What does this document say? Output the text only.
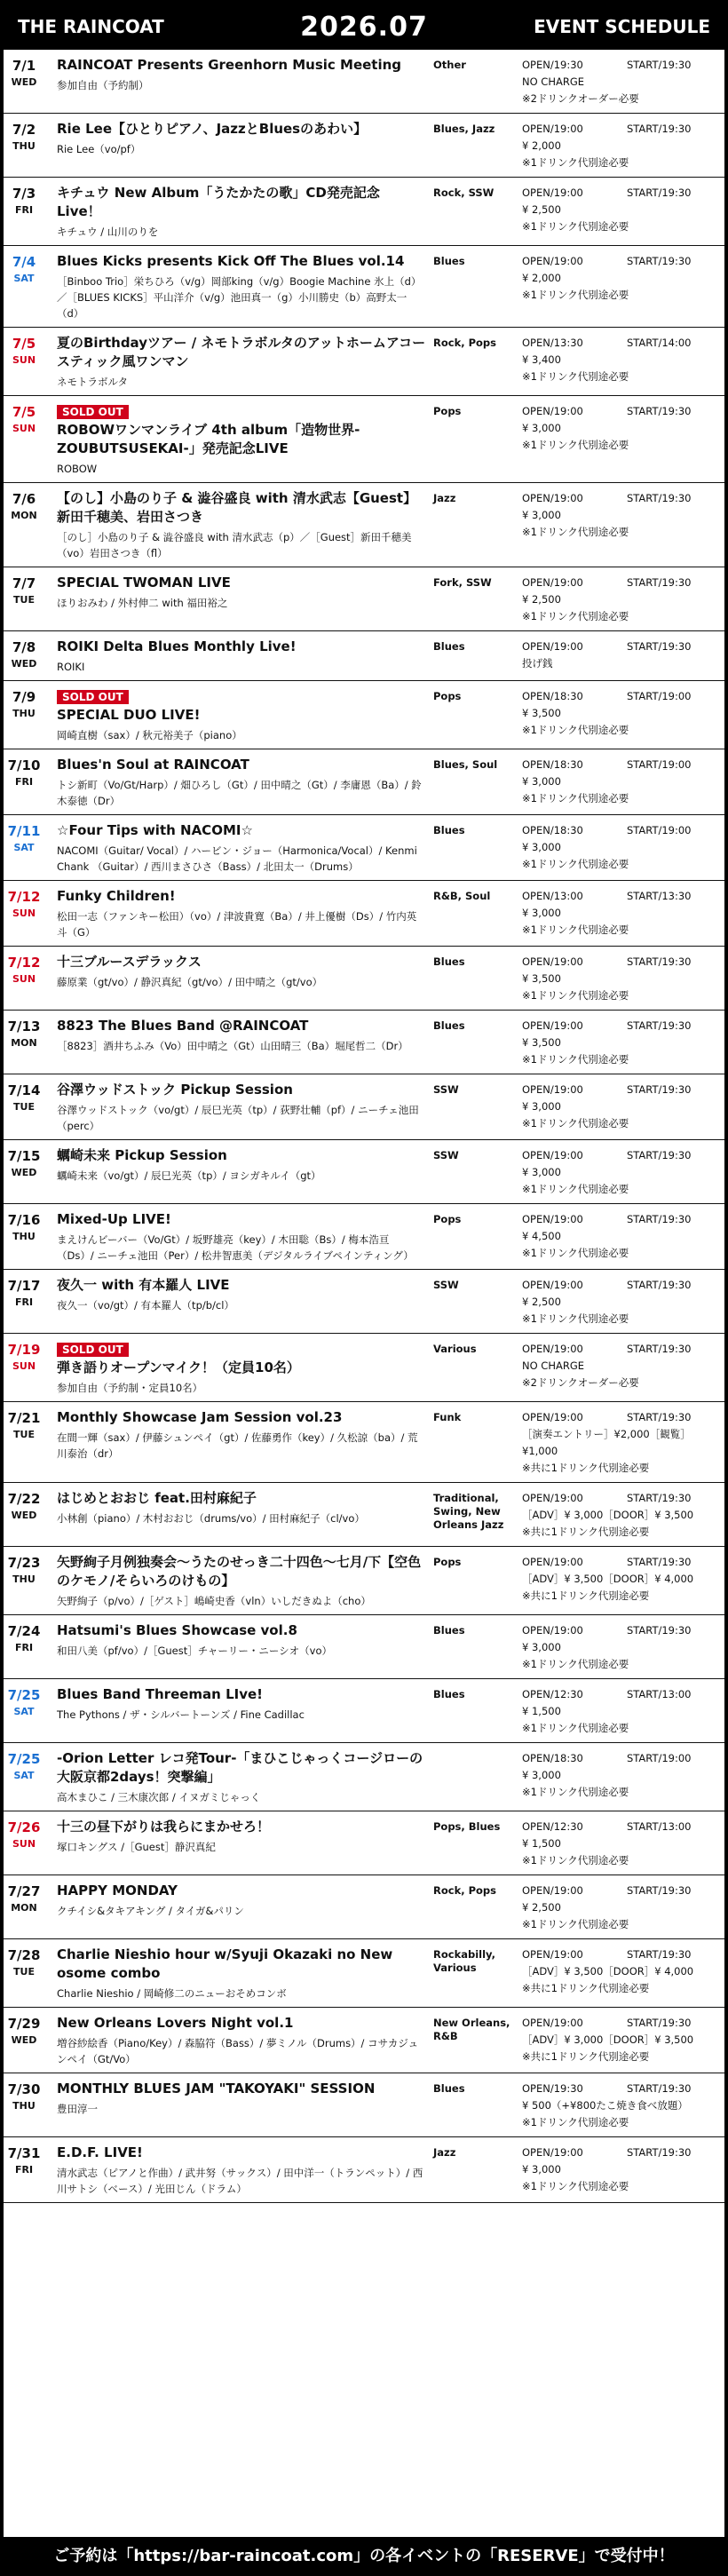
THE RAINCOAT	2026.07	EVENT SCHEDULE
7/1
WED
RAINCOAT Presents Greenhorn Music Meeting
参加自由（予約制）
Other	OPEN/19:30	START/19:30
NO CHARGE
※2ドリンクオーダー必要
7/2
THU
Rie Lee【ひとりピアノ、JazzとBluesのあわい】
Rie Lee（vo/pf）
Blues, Jazz	OPEN/19:00	START/19:30
¥ 2,000
※1ドリンク代別途必要
7/3
FRI
キチュウ New Album「うたかたの歌」CD発売記念 Live！
キチュウ / 山川のりを
Rock, SSW	OPEN/19:00	START/19:30
¥ 2,500
※1ドリンク代別途必要
7/4
SAT
Blues Kicks presents Kick Off The Blues vol.14
［Binboo Trio］栄ちひろ（v/g）岡部king（v/g）Boogie Machine 氷上（d）／［BLUES KICKS］平山洋介（v/g）池田真一（g）小川勝史（b）高野太一（d）
Blues	OPEN/19:00	START/19:30
¥ 2,000
※1ドリンク代別途必要
7/5
SUN
夏のBirthdayツアー / ネモトラボルタのアットホームアコースティック風ワンマン
ネモトラボルタ
Rock, Pops	OPEN/13:30	START/14:00
¥ 3,400
※1ドリンク代別途必要
7/5
SUN
SOLD OUT
ROBOWワンマンライブ 4th album「造物世界-ZOUBUTSUSEKAI-」発売記念LIVE
ROBOW
Pops	OPEN/19:00	START/19:30
¥ 3,000
※1ドリンク代別途必要
7/6
MON
【のし】小島のり子 & 澁谷盛良 with 清水武志【Guest】新田千穂美、岩田さつき
［のし］小島のり子 & 澁谷盛良 with 清水武志（p）／［Guest］新田千穂美（vo）岩田さつき（fl）
Jazz	OPEN/19:00	START/19:30
¥ 3,000
※1ドリンク代別途必要
7/7
TUE
SPECIAL TWOMAN LIVE
ほりおみわ / 外村伸二 with 福田裕之
Fork, SSW	OPEN/19:00	START/19:30
¥ 2,500
※1ドリンク代別途必要
7/8
WED
ROIKI Delta Blues Monthly Live!
ROIKI
Blues	OPEN/19:00	START/19:30
投げ銭
7/9
THU
SOLD OUT
SPECIAL DUO LIVE!
岡崎直樹（sax）/ 秋元裕美子（piano）
Pops	OPEN/18:30	START/19:00
¥ 3,500
※1ドリンク代別途必要
7/10
FRI
Blues'n Soul at RAINCOAT
トシ新町（Vo/Gt/Harp）/ 畑ひろし（Gt）/ 田中晴之（Gt）/ 李庸恩（Ba）/ 鈴木泰徳（Dr）
Blues, Soul	OPEN/18:30	START/19:00
¥ 3,000
※1ドリンク代別途必要
7/11
SAT
☆Four Tips with NACOMI☆
NACOMI（Guitar/ Vocal）/ ハービン・ジョー（Harmonica/Vocal）/ Kenmi Chank （Guitar）/ 西川まさひさ（Bass）/ 北田太一（Drums）
Blues	OPEN/18:30	START/19:00
¥ 3,000
※1ドリンク代別途必要
7/12
SUN
Funky Children!
松田一志（ファンキー松田）（vo）/ 津波貴寛（Ba）/ 井上優樹（Ds）/ 竹内英斗（G）
R&B, Soul	OPEN/13:00	START/13:30
¥ 3,000
※1ドリンク代別途必要
7/12
SUN
十三ブルースデラックス
藤原業（gt/vo）/ 静沢真紀（gt/vo）/ 田中晴之（gt/vo）
Blues	OPEN/19:00	START/19:30
¥ 3,500
※1ドリンク代別途必要
7/13
MON
8823 The Blues Band @RAINCOAT
［8823］酒井ちふみ（Vo）田中晴之（Gt）山田晴三（Ba）堀尾哲二（Dr）
Blues	OPEN/19:00	START/19:30
¥ 3,500
※1ドリンク代別途必要
7/14
TUE
谷澤ウッドストック Pickup Session
谷澤ウッドストック（vo/gt）/ 辰巳光英（tp）/ 荻野壮輔（pf）/ ニーチェ池田（perc）
SSW	OPEN/19:00	START/19:30
¥ 3,000
※1ドリンク代別途必要
7/15
WED
蠣崎未来 Pickup Session
蠣崎未来（vo/gt）/ 辰巳光英（tp）/ ヨシガキルイ（gt）
SSW	OPEN/19:00	START/19:30
¥ 3,000
※1ドリンク代別途必要
7/16
THU
Mixed-Up LIVE!
まえけんビーバー（Vo/Gt）/ 坂野雄亮（key）/ 木田聡（Bs）/ 梅本浩亘（Ds）/ ニーチェ池田（Per）/ 松井智恵美（デジタルライブペインティング）
Pops	OPEN/19:00	START/19:30
¥ 4,500
※1ドリンク代別途必要
7/17
FRI
夜久一 with 有本羅人 LIVE
夜久一（vo/gt）/ 有本羅人（tp/b/cl）
SSW	OPEN/19:00	START/19:30
¥ 2,500
※1ドリンク代別途必要
7/19
SUN
SOLD OUT
弾き語りオープンマイク！（定員10名）
参加自由（予約制・定員10名）
Various	OPEN/19:00	START/19:30
NO CHARGE
※2ドリンクオーダー必要
7/21
TUE
Monthly Showcase Jam Session vol.23
在間一輝（sax）/ 伊藤シュンペイ（gt）/ 佐藤勇作（key）/ 久松諒（ba）/ 荒川泰治（dr）
Funk	OPEN/19:00	START/19:30
［演奏エントリー］¥2,000［観覧］¥1,000
※共に1ドリンク代別途必要
7/22
WED
はじめとおおじ feat.田村麻紀子
小林創（piano）/ 木村おおじ（drums/vo）/ 田村麻紀子（cl/vo）
Traditional, Swing, New Orleans Jazz
OPEN/19:00	START/19:30
［ADV］¥ 3,000［DOOR］¥ 3,500
※共に1ドリンク代別途必要
7/23
THU
矢野絢子月例独奏会〜うたのせっき二十四色〜七月/下【空色のケモノ/そらいろのけもの】
矢野絢子（p/vo）/［ゲスト］嶋崎史香（vln）いしだきぬよ（cho）
Pops	OPEN/19:00	START/19:30
［ADV］¥ 3,500［DOOR］¥ 4,000
※共に1ドリンク代別途必要
7/24
FRI
Hatsumi's Blues Showcase vol.8
和田八美（pf/vo）/［Guest］チャーリー・ニーシオ（vo）
Blues	OPEN/19:00	START/19:30
¥ 3,000
※1ドリンク代別途必要
7/25
SAT
Blues Band Threeman LIve!
The Pythons / ザ・シルバートーンズ / Fine Cadillac
Blues	OPEN/12:30	START/13:00
¥ 1,500
※1ドリンク代別途必要
7/25
SAT
-Orion Letter レコ発Tour-「まひこじゃっくコージローの大阪京都2days！突撃編」
高木まひこ / 三木康次郎 / イヌガミじゃっく
OPEN/18:30	START/19:00
¥ 3,000
※1ドリンク代別途必要
7/26
SUN
十三の昼下がりは我らにまかせろ！
塚口キングス /［Guest］静沢真紀
Pops, Blues	OPEN/12:30	START/13:00
¥ 1,500
※1ドリンク代別途必要
7/27
MON
HAPPY MONDAY
クチイシ&タキアキング / タイガ&パリン
Rock, Pops	OPEN/19:00	START/19:30
¥ 2,500
※1ドリンク代別途必要
7/28
TUE
Charlie Nieshio hour w/Syuji Okazaki no New osome combo
Charlie Nieshio / 岡崎修二のニューおそめコンボ
Rockabilly, Various
OPEN/19:00	START/19:30
［ADV］¥ 3,500［DOOR］¥ 4,000
※共に1ドリンク代別途必要
7/29
WED
New Orleans Lovers Night vol.1
増谷紗絵香（Piano/Key）/ 森脇符（Bass）/ 夢ミノル（Drums）/ コサカジュンペイ（Gt/Vo）
New Orleans, R&B
OPEN/19:00	START/19:30
［ADV］¥ 3,000［DOOR］¥ 3,500
※共に1ドリンク代別途必要
7/30
THU
MONTHLY BLUES JAM "TAKOYAKI" SESSION
豊田淳一
Blues	OPEN/19:30	START/19:30
¥ 500（+¥800たこ焼き食べ放題）
※1ドリンク代別途必要
7/31
FRI
E.D.F. LIVE!
清水武志（ピアノと作曲）/ 武井努（サックス）/ 田中洋一（トランペット）/ 西川サトシ（ベース）/ 光田じん（ドラム）
Jazz	OPEN/19:00	START/19:30
¥ 3,000
※1ドリンク代別途必要
ご予約は「https://bar-raincoat.com」の各イベントの「RESERVE」で受付中！
